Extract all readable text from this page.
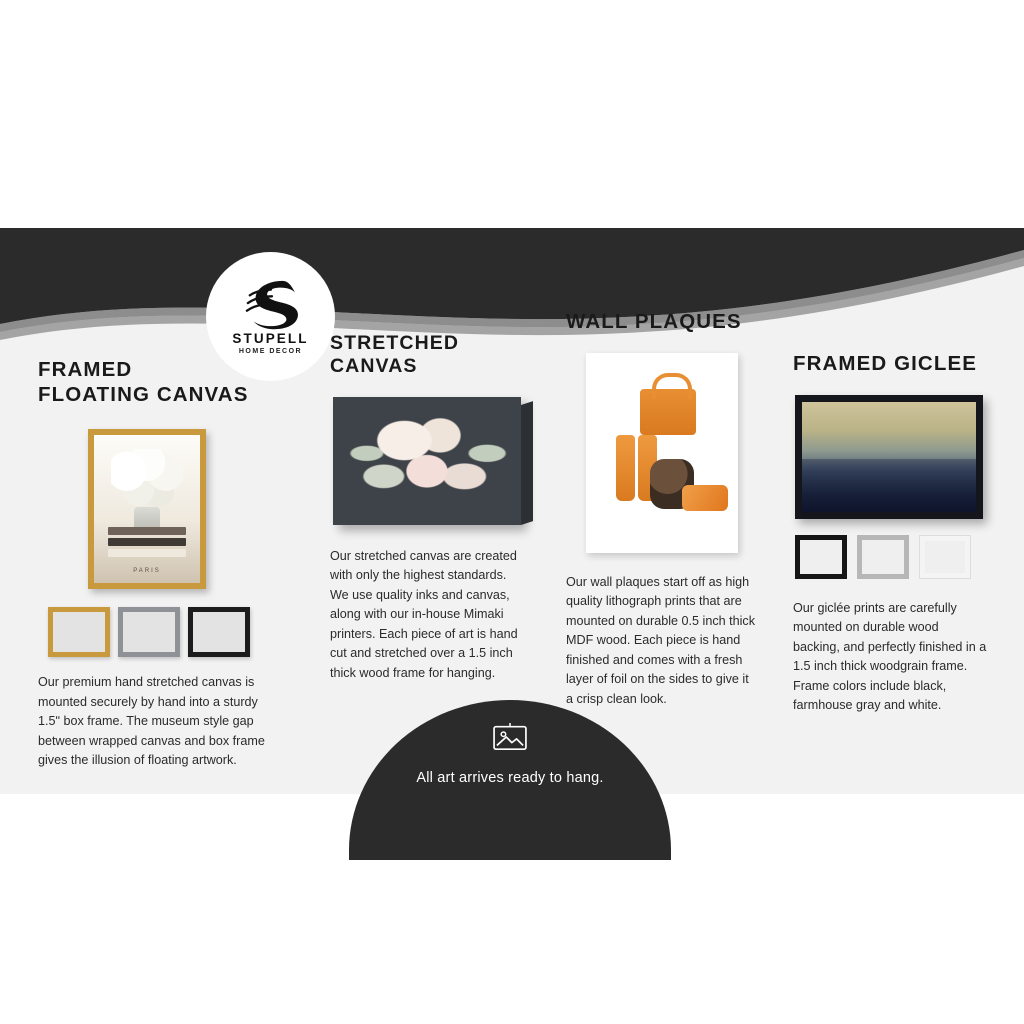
STUPELL
HOME DECOR
FRAMED
FLOATING CANVAS
PARIS
Our premium hand stretched canvas is mounted securely by hand into a sturdy 1.5ʺ box frame. The museum style gap between wrapped canvas and box frame gives the illusion of floating artwork.
STRETCHED
CANVAS
Our stretched canvas are created with only the highest standards. We use quality inks and canvas, along with our in-house Mimaki printers. Each piece of art is hand cut and stretched over a 1.5 inch thick wood frame for hanging.
WALL PLAQUES
Our wall plaques start off as high quality lithograph prints that are mounted on durable 0.5 inch thick MDF wood. Each piece is hand finished and comes with a fresh layer of foil on the sides to give it a crisp clean look.
FRAMED GICLEE
Our giclée prints are carefully mounted on durable wood backing, and perfectly finished in a 1.5 inch thick woodgrain frame. Frame colors include black, farmhouse gray and white.
All art arrives ready to hang.
